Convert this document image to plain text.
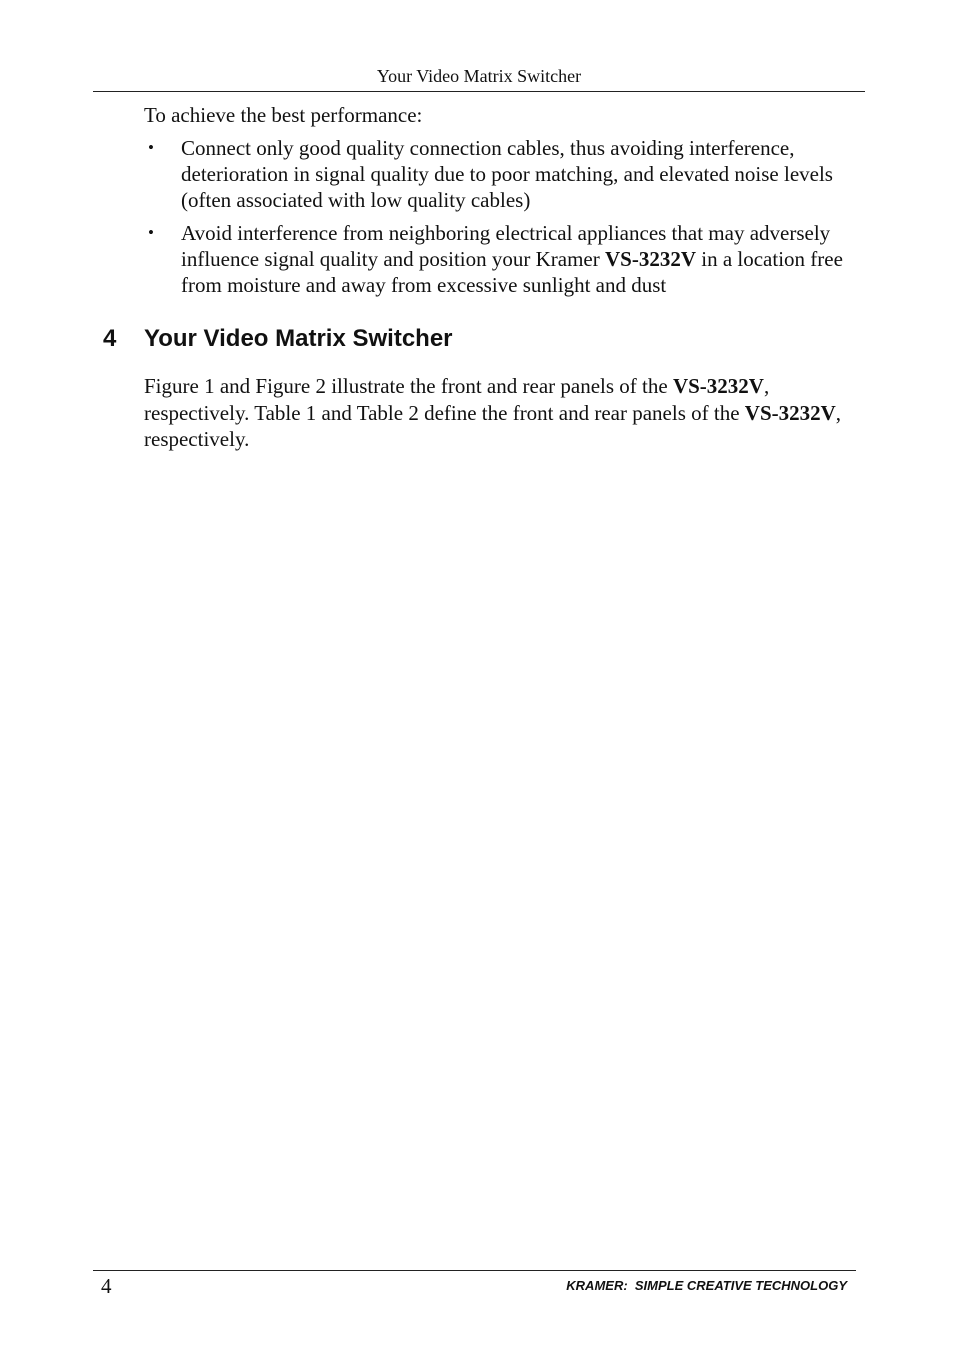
Your Video Matrix Switcher

To achieve the best performance:

• Connect only good quality connection cables, thus avoiding interference, deterioration in signal quality due to poor matching, and elevated noise levels (often associated with low quality cables)
• Avoid interference from neighboring electrical appliances that may adversely influence signal quality and position your Kramer VS-3232V in a location free from moisture and away from excessive sunlight and dust
4 Your Video Matrix Switcher

Figure 1 and Figure 2 illustrate the front and rear panels of the VS-3232V, respectively. Table 1 and Table 2 define the front and rear panels of the VS-3232V, respectively.

4	KRAMER:  SIMPLE CREATIVE TECHNOLOGY
